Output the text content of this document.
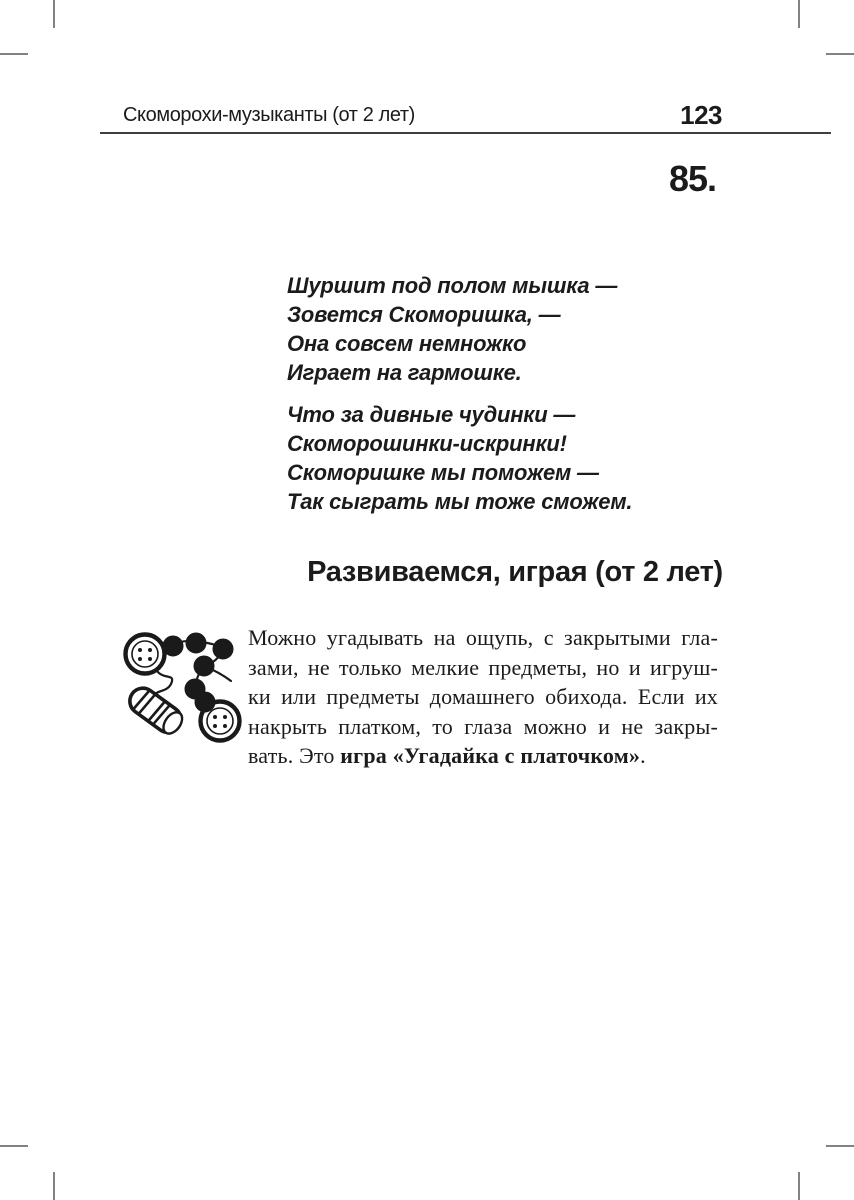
Скоморохи-музыканты (от 2 лет)	123
85.
Шуршит под полом мышка —
Зовется Скоморишка, —
Она совсем немножко
Играет на гармошке.
Что за дивные чудинки —
Скоморошинки-искринки!
Скоморишке мы поможем —
Так сыграть мы тоже сможем.
Развиваемся, играя (от 2 лет)
Можно угадывать на ощупь, с закрытыми гла-
зами, не только мелкие предметы, но и игруш-
ки или предметы домашнего обихода. Если их
накрыть платком, то глаза можно и не закры-
вать. Это игра «Угадайка с платочком».
